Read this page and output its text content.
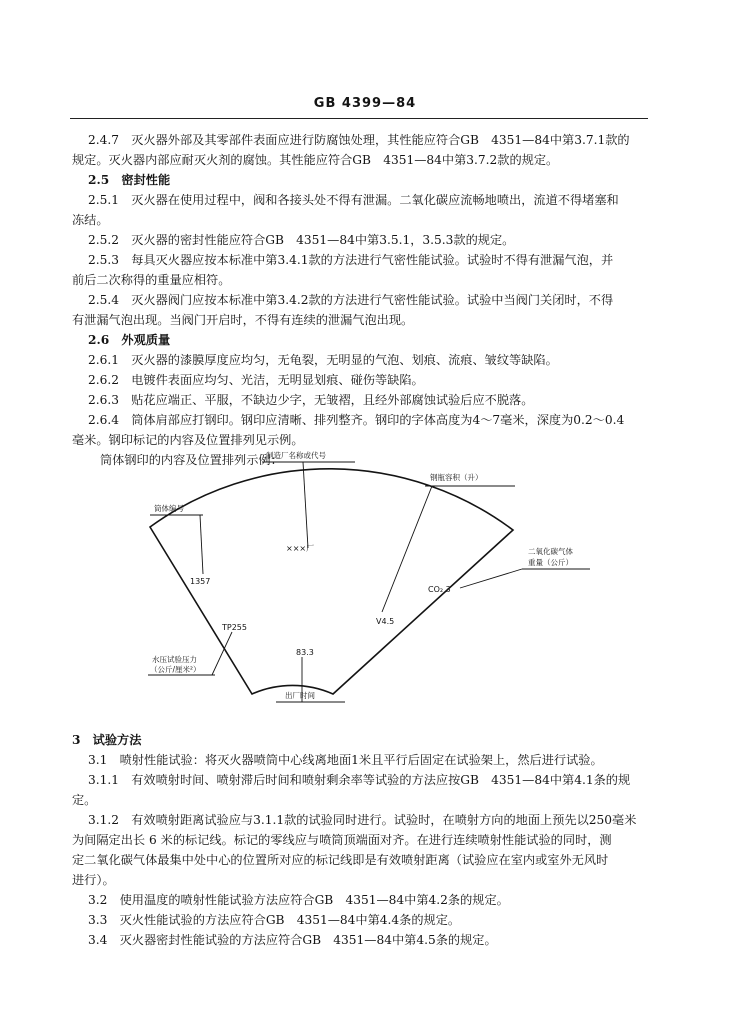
GB 4399—84
2.4.7　灭火器外部及其零部件表面应进行防腐蚀处理，其性能应符合GB　4351—84中第3.7.1款的
规定。灭火器内部应耐灭火剂的腐蚀。其性能应符合GB　4351—84中第3.7.2款的规定。
2.5　密封性能
2.5.1　灭火器在使用过程中，阀和各接头处不得有泄漏。二氧化碳应流畅地喷出，流道不得堵塞和
冻结。
2.5.2　灭火器的密封性能应符合GB　4351—84中第3.5.1，3.5.3款的规定。
2.5.3　每具灭火器应按本标准中第3.4.1款的方法进行气密性能试验。试验时不得有泄漏气泡，并
前后二次称得的重量应相符。
2.5.4　灭火器阀门应按本标准中第3.4.2款的方法进行气密性能试验。试验中当阀门关闭时，不得
有泄漏气泡出现。当阀门开启时，不得有连续的泄漏气泡出现。
2.6　外观质量
2.6.1　灭火器的漆膜厚度应均匀，无龟裂，无明显的气泡、划痕、流痕、皱纹等缺陷。
2.6.2　电镀件表面应均匀、光洁，无明显划痕、碰伤等缺陷。
2.6.3　贴花应端正、平服，不缺边少字，无皱褶，且经外部腐蚀试验后应不脱落。
2.6.4　筒体肩部应打钢印。钢印应清晰、排列整齐。钢印的字体高度为4～7毫米，深度为0.2～0.4
毫米。钢印标记的内容及位置排列见示例。
筒体钢印的内容及位置排列示例：
制造厂名称或代号
钢瓶容积（升）
筒体编号
二氧化碳气体
重量（公斤）
水压试验压力
（公斤/厘米²）
出厂时间
×××厂
1357
CO₂ 3
V4.5
TP255
83.3
3　试验方法
3.1　喷射性能试验：将灭火器喷筒中心线离地面1米且平行后固定在试验架上，然后进行试验。
3.1.1　有效喷射时间、喷射滞后时间和喷射剩余率等试验的方法应按GB　4351—84中第4.1条的规
定。
3.1.2　有效喷射距离试验应与3.1.1款的试验同时进行。试验时，在喷射方向的地面上预先以250毫米
为间隔定出长 6 米的标记线。标记的零线应与喷筒顶端面对齐。在进行连续喷射性能试验的同时，测
定二氧化碳气体最集中处中心的位置所对应的标记线即是有效喷射距离（试验应在室内或室外无风时
进行）。
3.2　使用温度的喷射性能试验方法应符合GB　4351—84中第4.2条的规定。
3.3　灭火性能试验的方法应符合GB　4351—84中第4.4条的规定。
3.4　灭火器密封性能试验的方法应符合GB　4351—84中第4.5条的规定。
